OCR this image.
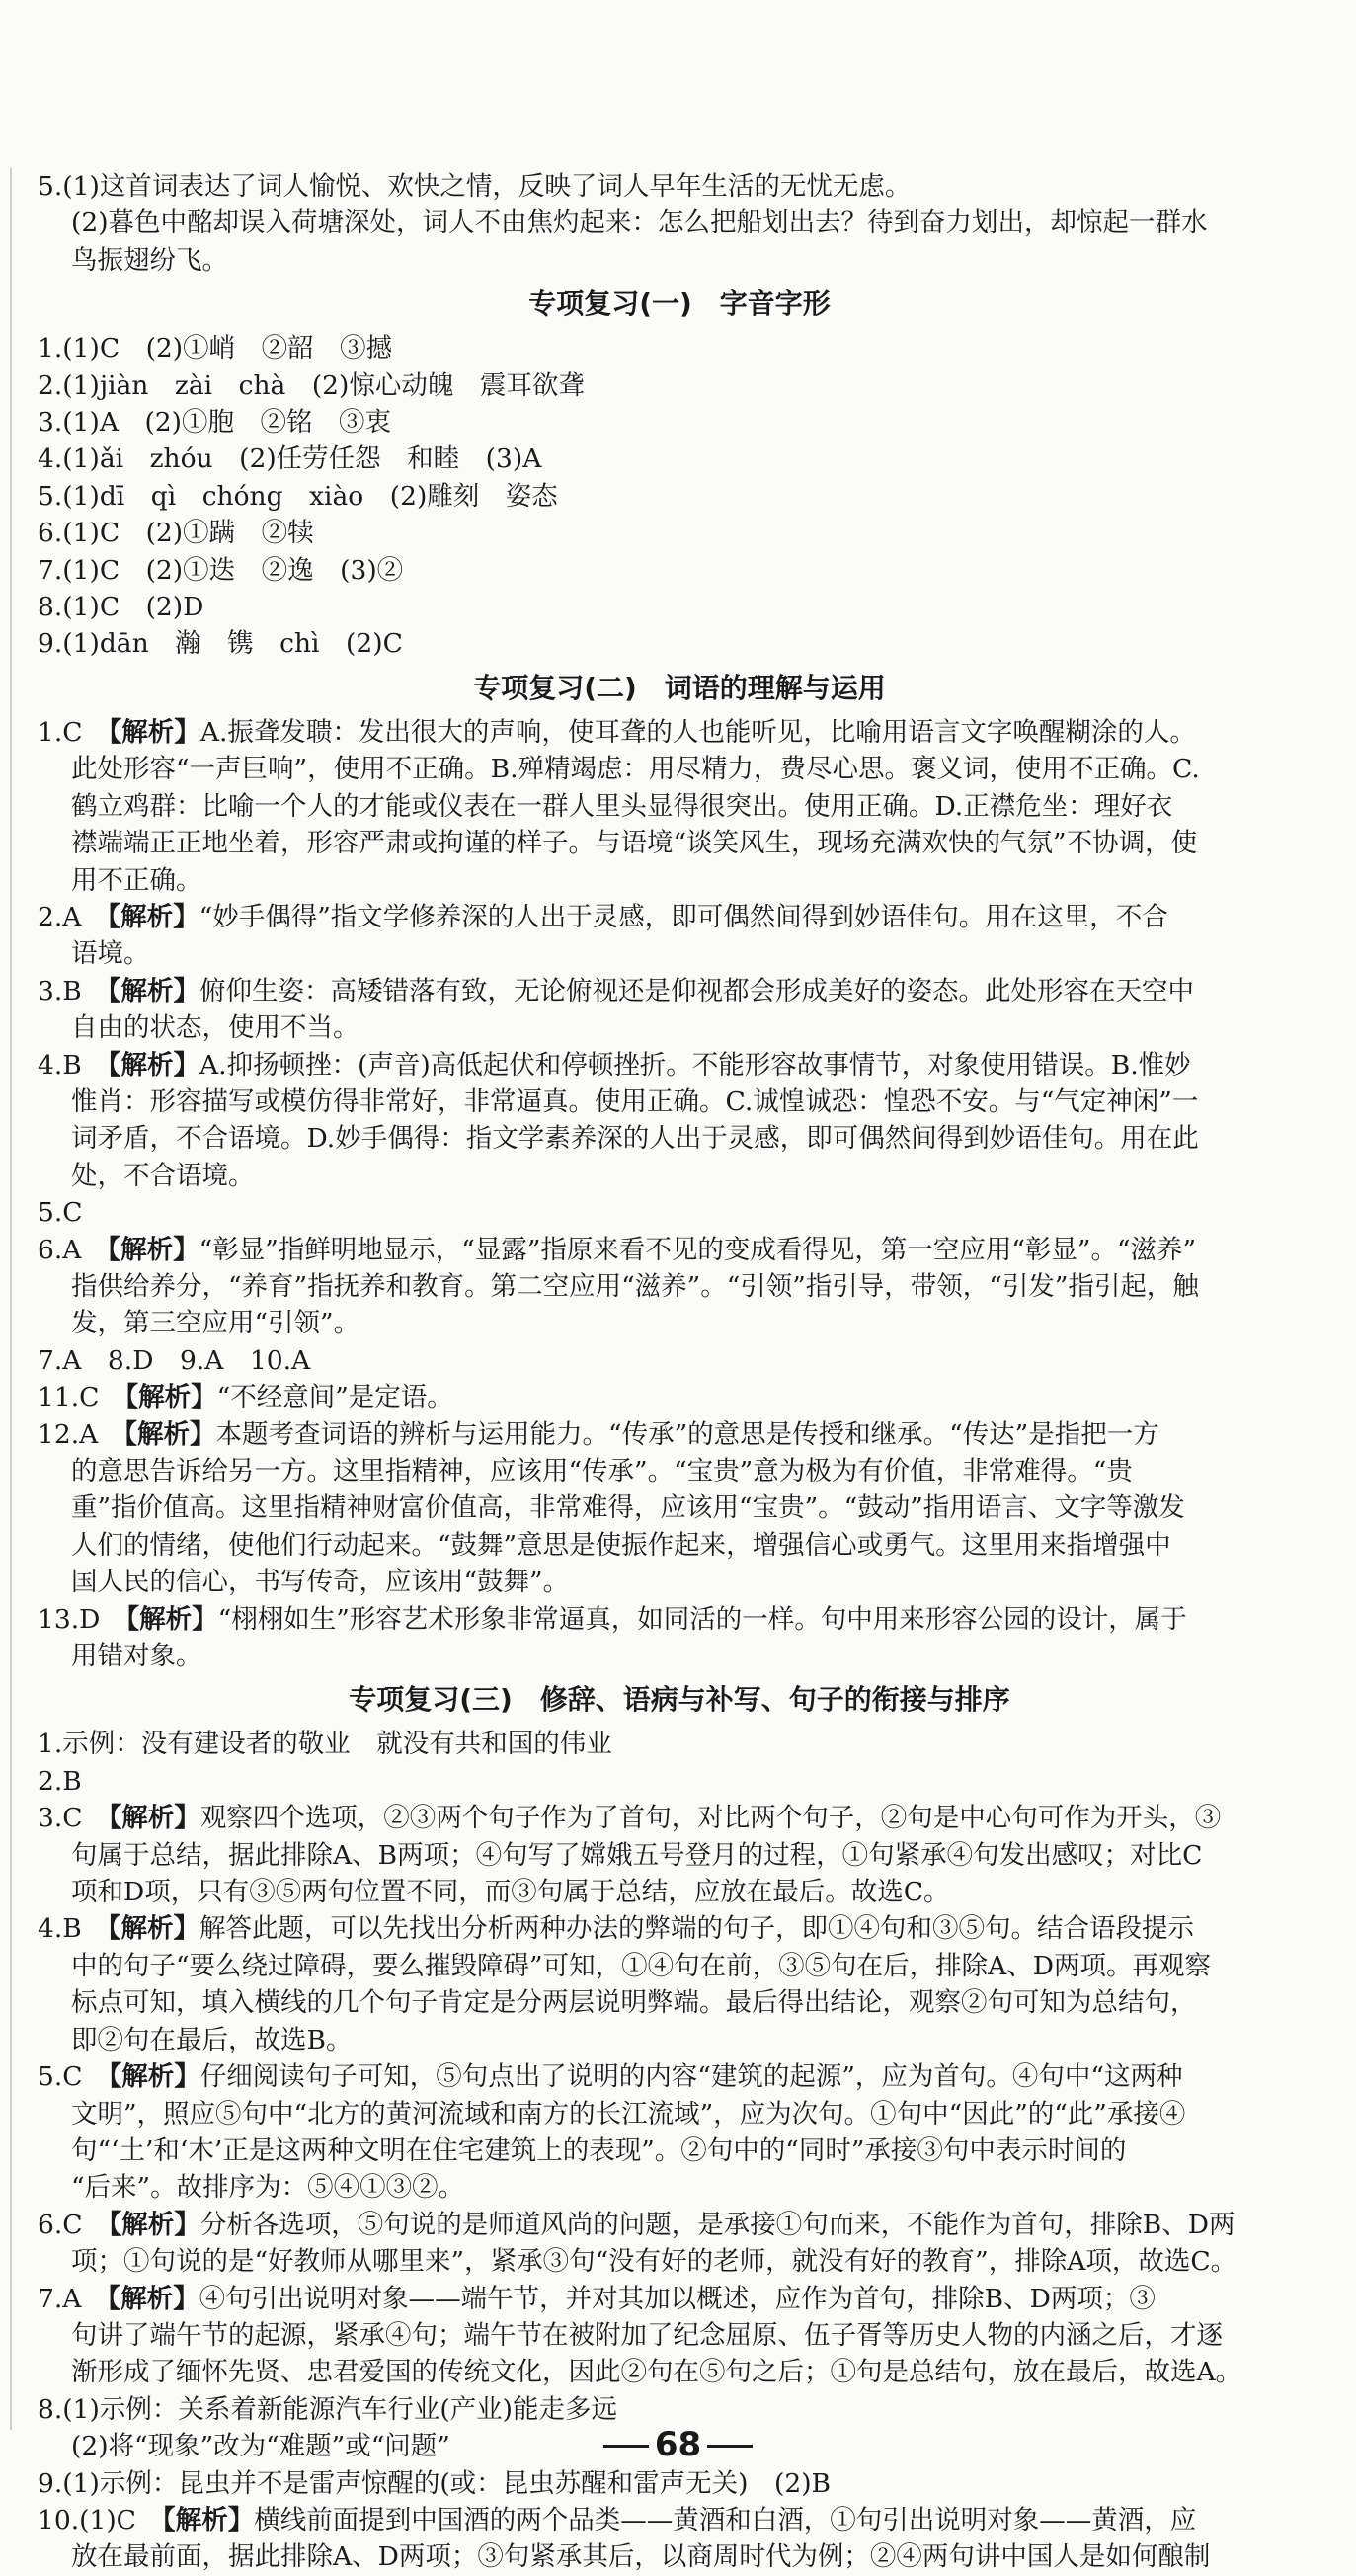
5.(1)这首词表达了词人愉悦、欢快之情，反映了词人早年生活的无忧无虑。
(2)暮色中酩却误入荷塘深处，词人不由焦灼起来：怎么把船划出去？待到奋力划出，却惊起一群水
鸟振翅纷飞。
专项复习(一)　字音字形
1.(1)C　(2)①峭　②韶　③撼
2.(1)jiàn　zài　chà　(2)惊心动魄　震耳欲聋
3.(1)A　(2)①胞　②铭　③衷
4.(1)ǎi　zhóu　(2)任劳任怨　和睦　(3)A
5.(1)dī　qì　chóng　xiào　(2)雕刻　姿态
6.(1)C　(2)①蹒　②犊
7.(1)C　(2)①迭　②逸　(3)②
8.(1)C　(2)D
9.(1)dān　瀚　镌　chì　(2)C
专项复习(二)　词语的理解与运用
1.C  【解析】A.振聋发聩：发出很大的声响，使耳聋的人也能听见，比喻用语言文字唤醒糊涂的人。
此处形容“一声巨响”，使用不正确。B.殚精竭虑：用尽精力，费尽心思。褒义词，使用不正确。C.
鹤立鸡群：比喻一个人的才能或仪表在一群人里头显得很突出。使用正确。D.正襟危坐：理好衣
襟端端正正地坐着，形容严肃或拘谨的样子。与语境“谈笑风生，现场充满欢快的气氛”不协调，使
用不正确。
2.A  【解析】“妙手偶得”指文学修养深的人出于灵感，即可偶然间得到妙语佳句。用在这里，不合
语境。
3.B  【解析】俯仰生姿：高矮错落有致，无论俯视还是仰视都会形成美好的姿态。此处形容在天空中
自由的状态，使用不当。
4.B  【解析】A.抑扬顿挫：(声音)高低起伏和停顿挫折。不能形容故事情节，对象使用错误。B.惟妙
惟肖：形容描写或模仿得非常好，非常逼真。使用正确。C.诚惶诚恐：惶恐不安。与“气定神闲”一
词矛盾，不合语境。D.妙手偶得：指文学素养深的人出于灵感，即可偶然间得到妙语佳句。用在此
处，不合语境。
5.C
6.A  【解析】“彰显”指鲜明地显示，“显露”指原来看不见的变成看得见，第一空应用“彰显”。“滋养”
指供给养分，“养育”指抚养和教育。第二空应用“滋养”。“引领”指引导，带领，“引发”指引起，触
发，第三空应用“引领”。
7.A　8.D　9.A　10.A
11.C  【解析】“不经意间”是定语。
12.A  【解析】本题考查词语的辨析与运用能力。“传承”的意思是传授和继承。“传达”是指把一方
的意思告诉给另一方。这里指精神，应该用“传承”。“宝贵”意为极为有价值，非常难得。“贵
重”指价值高。这里指精神财富价值高，非常难得，应该用“宝贵”。“鼓动”指用语言、文字等激发
人们的情绪，使他们行动起来。“鼓舞”意思是使振作起来，增强信心或勇气。这里用来指增强中
国人民的信心，书写传奇，应该用“鼓舞”。
13.D  【解析】“栩栩如生”形容艺术形象非常逼真，如同活的一样。句中用来形容公园的设计，属于
用错对象。
专项复习(三)　修辞、语病与补写、句子的衔接与排序
1.示例：没有建设者的敬业　就没有共和国的伟业
2.B
3.C  【解析】观察四个选项，②③两个句子作为了首句，对比两个句子，②句是中心句可作为开头，③
句属于总结，据此排除A、B两项；④句写了嫦娥五号登月的过程，①句紧承④句发出感叹；对比C
项和D项，只有③⑤两句位置不同，而③句属于总结，应放在最后。故选C。
4.B  【解析】解答此题，可以先找出分析两种办法的弊端的句子，即①④句和③⑤句。结合语段提示
中的句子“要么绕过障碍，要么摧毁障碍”可知，①④句在前，③⑤句在后，排除A、D两项。再观察
标点可知，填入横线的几个句子肯定是分两层说明弊端。最后得出结论，观察②句可知为总结句，
即②句在最后，故选B。
5.C  【解析】仔细阅读句子可知，⑤句点出了说明的内容“建筑的起源”，应为首句。④句中“这两种
文明”，照应⑤句中“北方的黄河流域和南方的长江流域”，应为次句。①句中“因此”的“此”承接④
句“‘土’和‘木’正是这两种文明在住宅建筑上的表现”。②句中的“同时”承接③句中表示时间的
“后来”。故排序为：⑤④①③②。
6.C  【解析】分析各选项，⑤句说的是师道风尚的问题，是承接①句而来，不能作为首句，排除B、D两
项；①句说的是“好教师从哪里来”，紧承③句“没有好的老师，就没有好的教育”，排除A项，故选C。
7.A  【解析】④句引出说明对象——端午节，并对其加以概述，应作为首句，排除B、D两项；③
句讲了端午节的起源，紧承④句；端午节在被附加了纪念屈原、伍子胥等历史人物的内涵之后，才逐
渐形成了缅怀先贤、忠君爱国的传统文化，因此②句在⑤句之后；①句是总结句，放在最后，故选A。
8.(1)示例：关系着新能源汽车行业(产业)能走多远
(2)将“现象”改为“难题”或“问题”
9.(1)示例：昆虫并不是雷声惊醒的(或：昆虫苏醒和雷声无关)　(2)B
10.(1)C  【解析】横线前面提到中国酒的两个品类——黄酒和白酒，①句引出说明对象——黄酒，应
放在最前面，据此排除A、D两项；③句紧承其后，以商周时代为例；②④两句讲中国人是如何酿制
68
